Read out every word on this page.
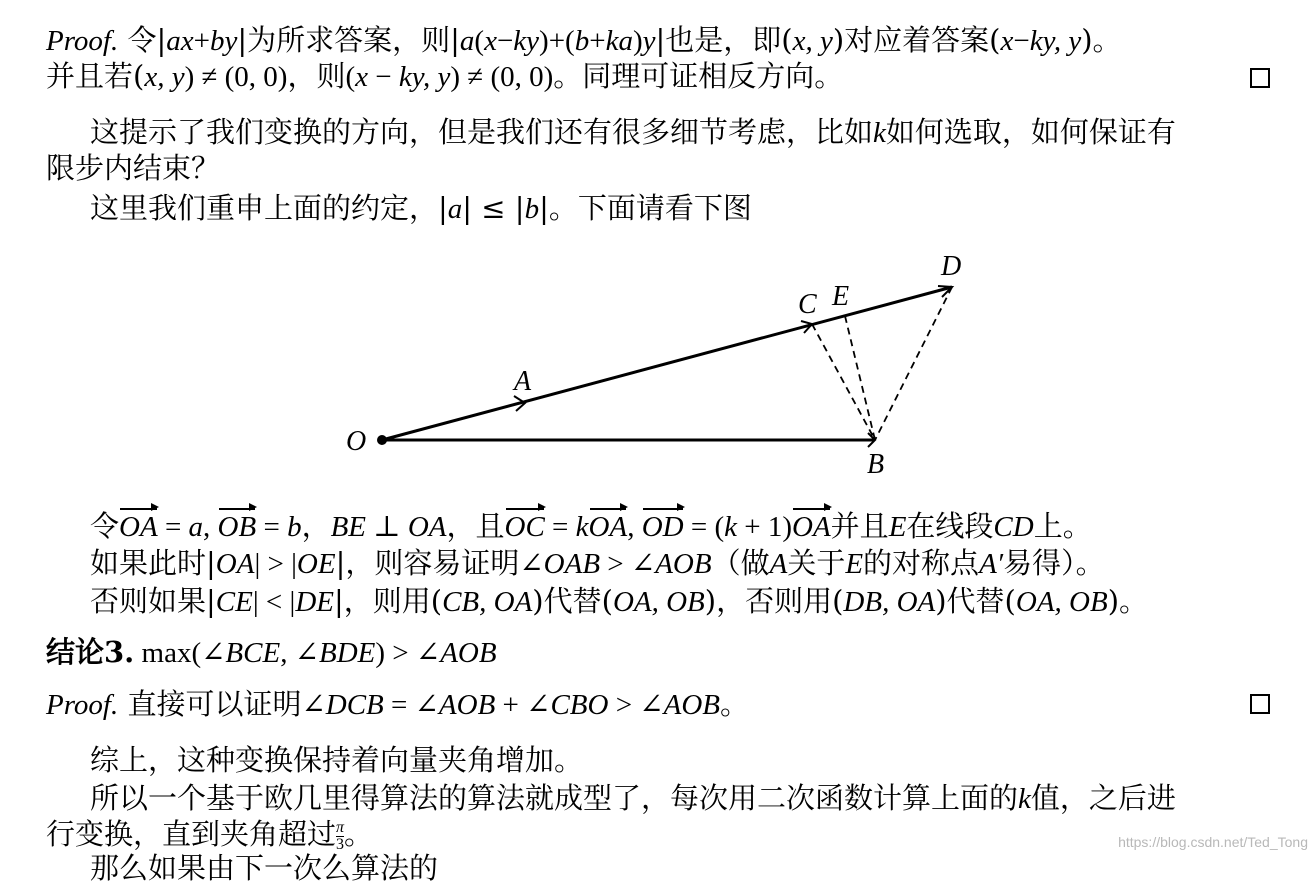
Proof. 令|ax+by|为所求答案，则|a(x−ky)+(b+ka)y|也是，即(x, y)对应着答案(x−ky, y)。
并且若(x, y) ≠ (0, 0)，则(x − ky, y) ≠ (0, 0)。同理可证相反方向。
这提示了我们变换的方向，但是我们还有很多细节考虑，比如k如何选取，如何保证有
限步内结束？
这里我们重申上面的约定，|a| ≤ |b|。下面请看下图
O
A
B
C E
D
令OA = a, OB = b，BE ⊥ OA，且OC = kOA, OD = (k + 1)OA并且E在线段CD上。
如果此时|OA| > |OE|，则容易证明∠OAB > ∠AOB（做A关于E的对称点A′易得）。
否则如果|CE| < |DE|，则用(CB, OA)代替(OA, OB)，否则用(DB, OA)代替(OA, OB)。
结论3. max(∠BCE, ∠BDE) > ∠AOB
Proof. 直接可以证明∠DCB = ∠AOB + ∠CBO > ∠AOB。
综上，这种变换保持着向量夹角增加。
所以一个基于欧几里得算法的算法就成型了，每次用二次函数计算上面的k值，之后进
行变换，直到夹角超过 $\frac{\pi}{3}$ 。
那么如果由下一次么算法的
https://blog.csdn.net/Ted_Tong
